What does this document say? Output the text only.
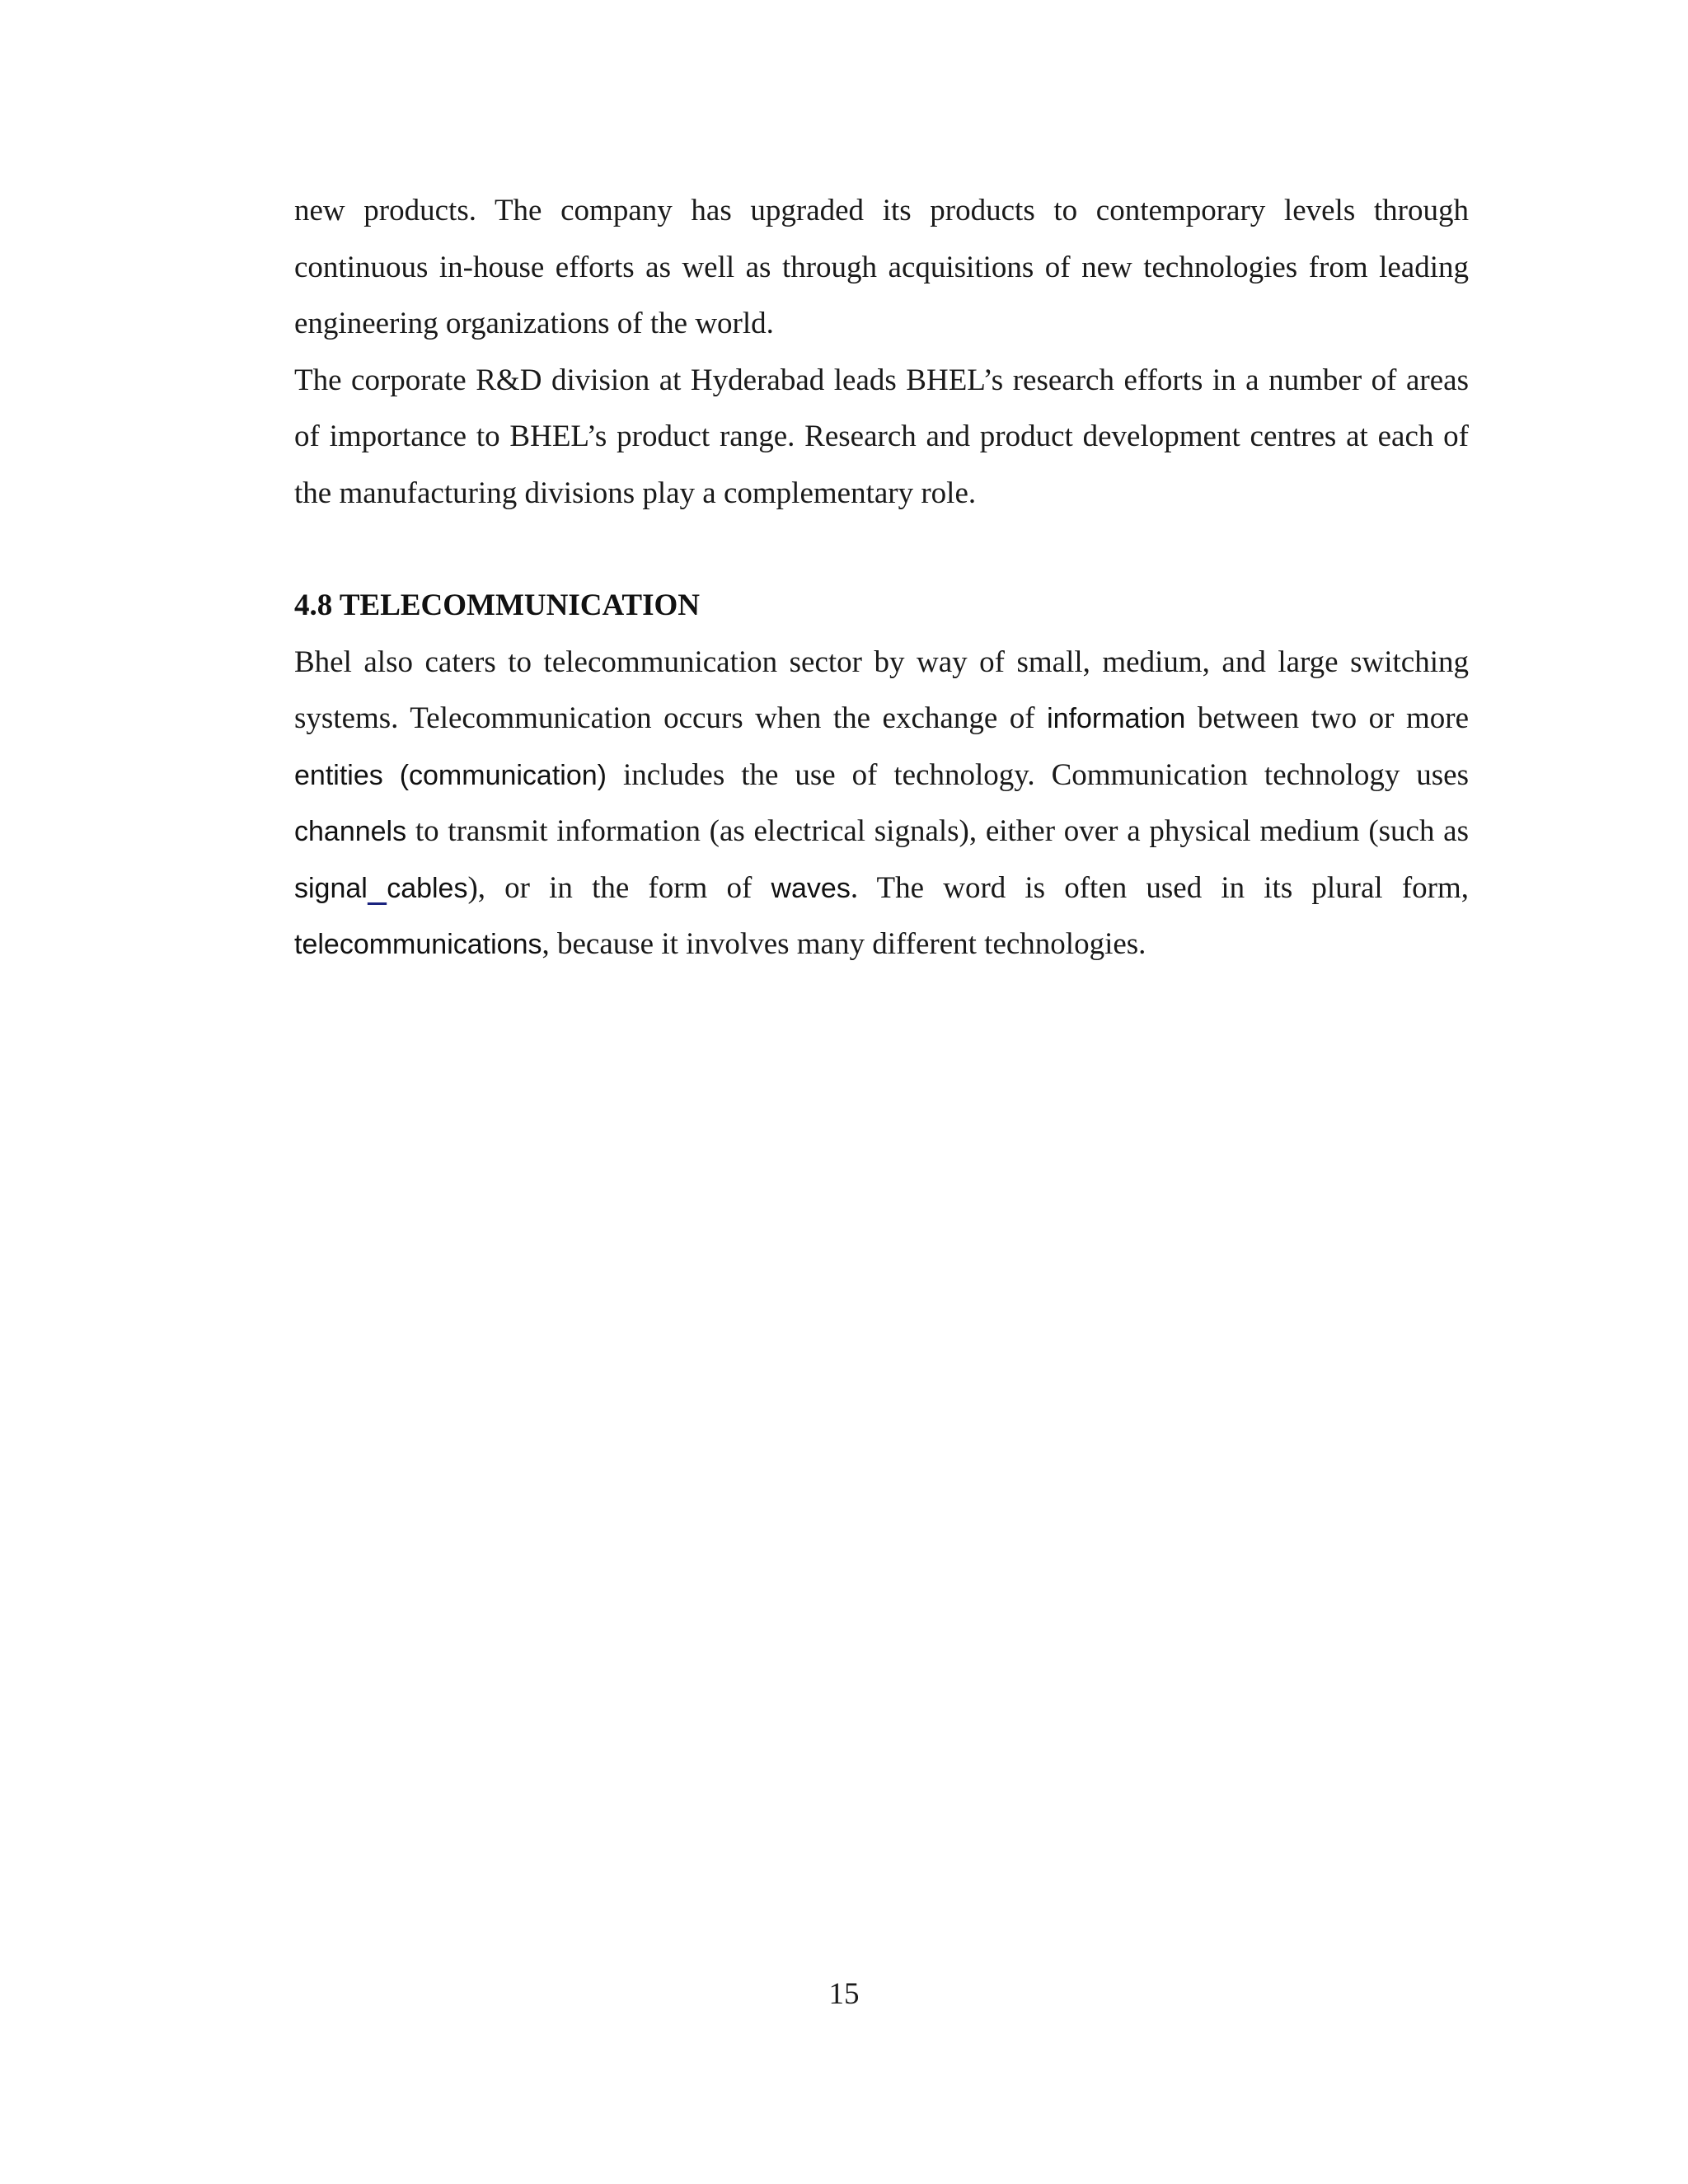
new products. The company has upgraded its products to contemporary levels through continuous in-house efforts as well as through acquisitions of new technologies from leading engineering organizations of the world.

The corporate R&D division at Hyderabad leads BHEL’s research efforts in a number of areas of importance to BHEL’s product range. Research and product development centres at each of the manufacturing divisions play a complementary role.

4.8 TELECOMMUNICATION

Bhel also caters to telecommunication sector by way of small, medium, and large switching systems. Telecommunication occurs when the exchange of information between two or more entities (communication) includes the use of technology. Communication technology uses channels to transmit information (as electrical signals), either over a physical medium (such as signal cables), or in the form of waves. The word is often used in its plural form, telecommunications, because it involves many different technologies.

15
